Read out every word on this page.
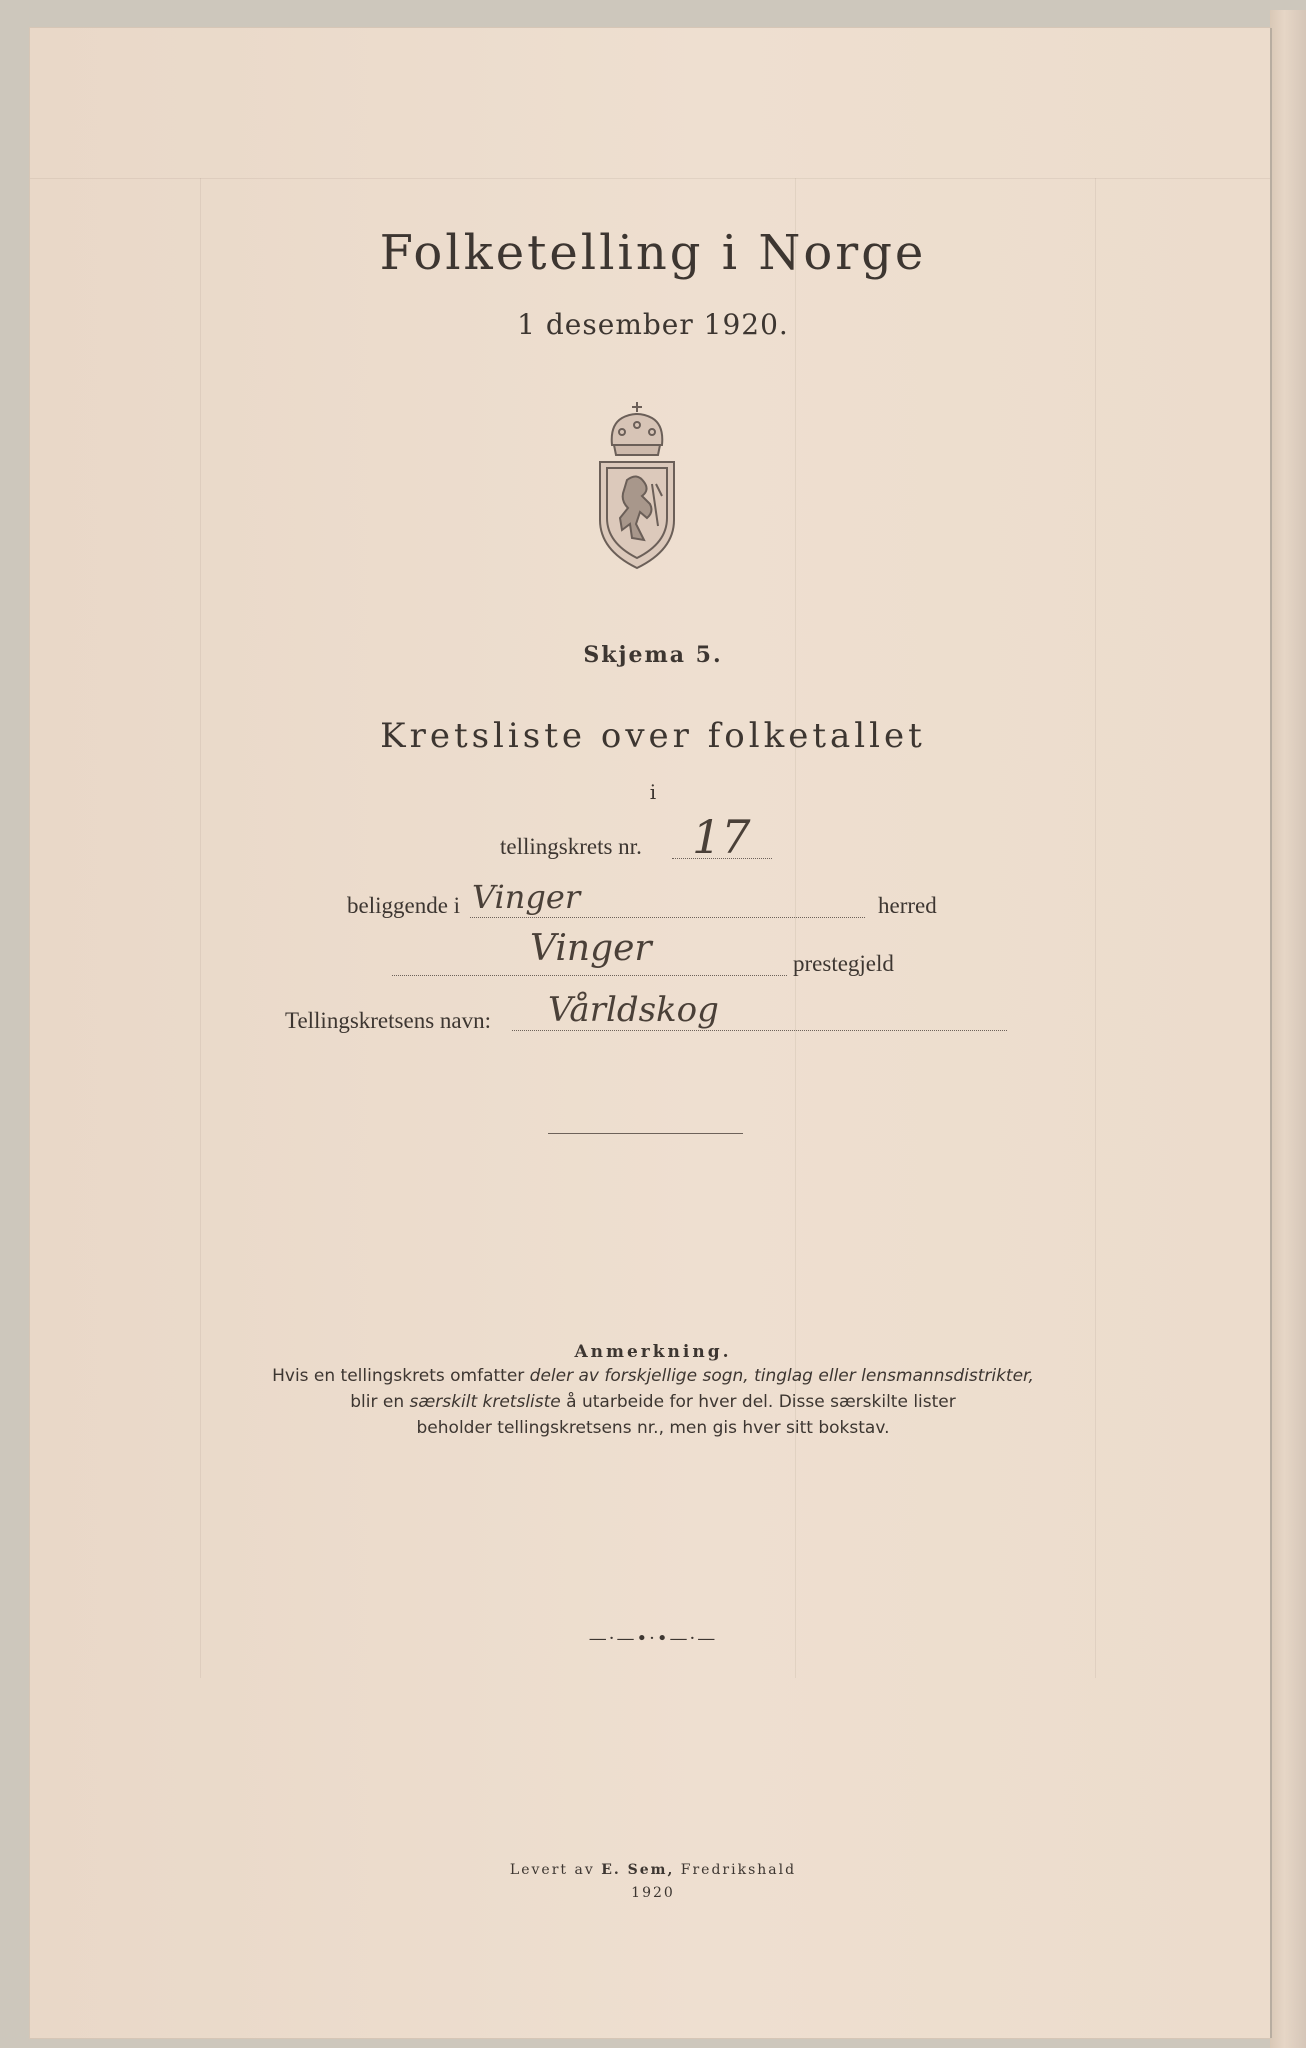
Folketelling i Norge
1 desember 1920.
Skjema 5.
Kretsliste over folketallet
i
tellingskrets nr. 17
beliggende i Vinger	herred
Vinger	prestegjeld
Tellingskretsens navn: Vårldskog
Anmerkning.
Hvis en tellingskrets omfatter deler av forskjellige sogn, tinglag eller lensmannsdistrikter,
blir en særskilt kretsliste å utarbeide for hver del. Disse særskilte lister
beholder tellingskretsens nr., men gis hver sitt bokstav.
—·—•·•—·—
Levert av E. Sem, Fredrikshald
1920
